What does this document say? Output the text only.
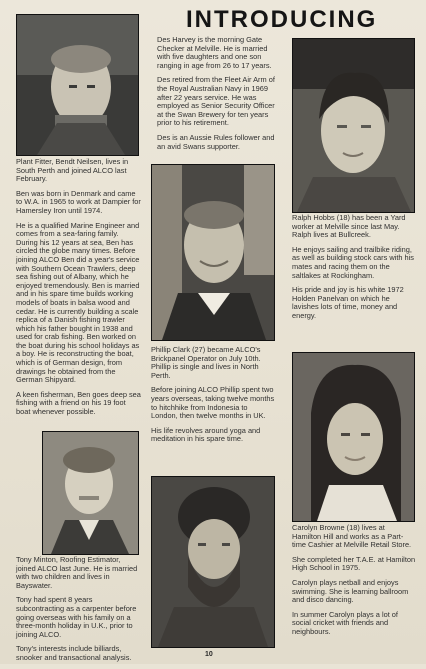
INTRODUCING

Plant Fitter, Bendt Neilsen, lives in South Perth and joined ALCO last February.

Ben was born in Denmark and came to W.A. in 1965 to work at Dampier for Hamersley Iron until 1974.

He is a qualified Marine Engineer and comes from a sea-faring family. During his 12 years at sea, Ben has circled the globe many times. Before joining ALCO Ben did a year's service with Southern Ocean Trawlers, deep sea fishing out of Albany, which he enjoyed tremendously. Ben is married and in his spare time builds working models of boats in balsa wood and cedar. He is currently building a scale replica of a Danish fishing trawler which his father bought in 1938 and used for crab fishing. Ben worked on the boat during his school holidays as a boy. He is reconstructing the boat, which is of German design, from drawings he obtained from the German Shipyard.

A keen fisherman, Ben goes deep sea fishing with a friend on his 19 foot boat whenever possible.

Tony Minton, Roofing Estimator, joined ALCO last June. He is married with two children and lives in Bayswater.

Tony had spent 8 years subcontracting as a carpenter before going overseas with his family on a three-month holiday in U.K., prior to joining ALCO.

Tony's interests include billiards, snooker and transactional analysis.

Des Harvey is the morning Gate Checker at Melville. He is married with five daughters and one son ranging in age from 26 to 17 years.

Des retired from the Fleet Air Arm of the Royal Australian Navy in 1969 after 22 years service. He was employed as Senior Security Officer at the Swan Brewery for ten years prior to his retirement.

Des is an Aussie Rules follower and an avid Swans supporter.

Phillip Clark (27) became ALCO's Brickpanel Operator on July 10th. Phillip is single and lives in North Perth.

Before joining ALCO Phillip spent two years overseas, taking twelve months to hitchhike from Indonesia to London, then twelve months in UK.

His life revolves around yoga and meditation in his spare time.

Ralph Hobbs (18) has been a Yard worker at Melville since last May. Ralph lives at Bullcreek.

He enjoys sailing and trailbike riding, as well as building stock cars with his mates and racing them on the saltlakes at Rockingham.

His pride and joy is his white 1972 Holden Panelvan on which he lavishes lots of time, money and energy.

Carolyn Browne (18) lives at Hamilton Hill and works as a Part-time Cashier at Melville Retail Store.

She completed her T.A.E. at Hamilton High School in 1975.

Carolyn plays netball and enjoys swimming. She is learning ballroom and disco dancing.

In summer Carolyn plays a lot of social cricket with friends and neighbours.

10
